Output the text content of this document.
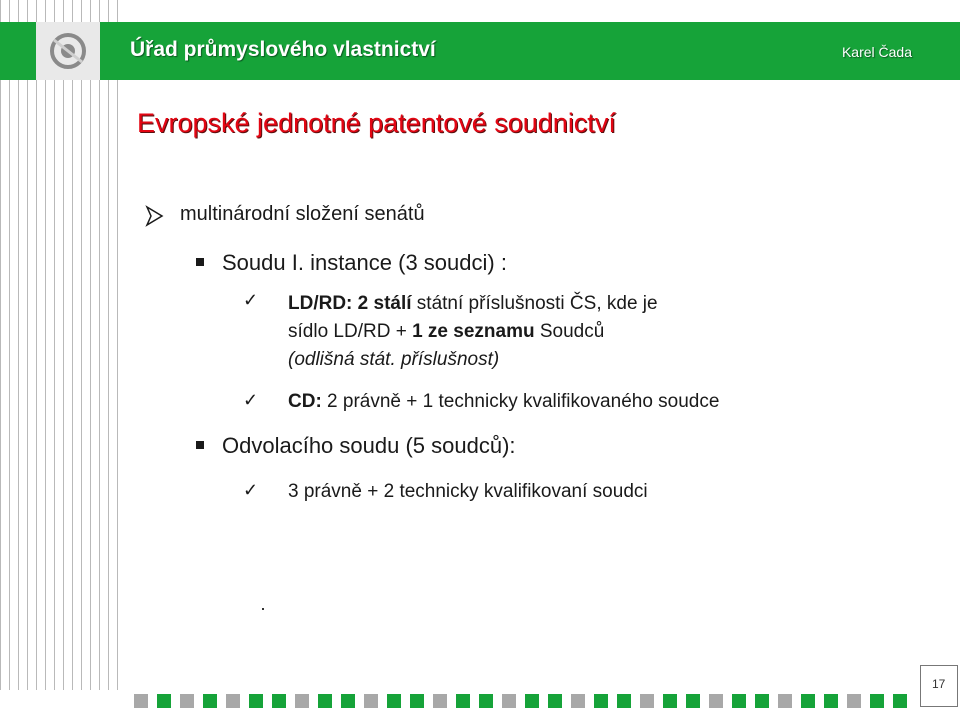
Úřad průmyslového vlastnictví	Karel Čada
Evropské jednotné patentové soudnictví
multinárodní složení senátů
Soudu I. instance (3 soudci) :
✓ LD/RD: 2 stálí státní příslušnosti ČS, kde je
sídlo LD/RD + 1 ze seznamu Soudců
(odlišná stát. příslušnost)
✓ CD: 2 právně + 1 technicky kvalifikovaného soudce
Odvolacího soudu (5 soudců):
✓ 3 právně + 2 technicky kvalifikovaní soudci
17
